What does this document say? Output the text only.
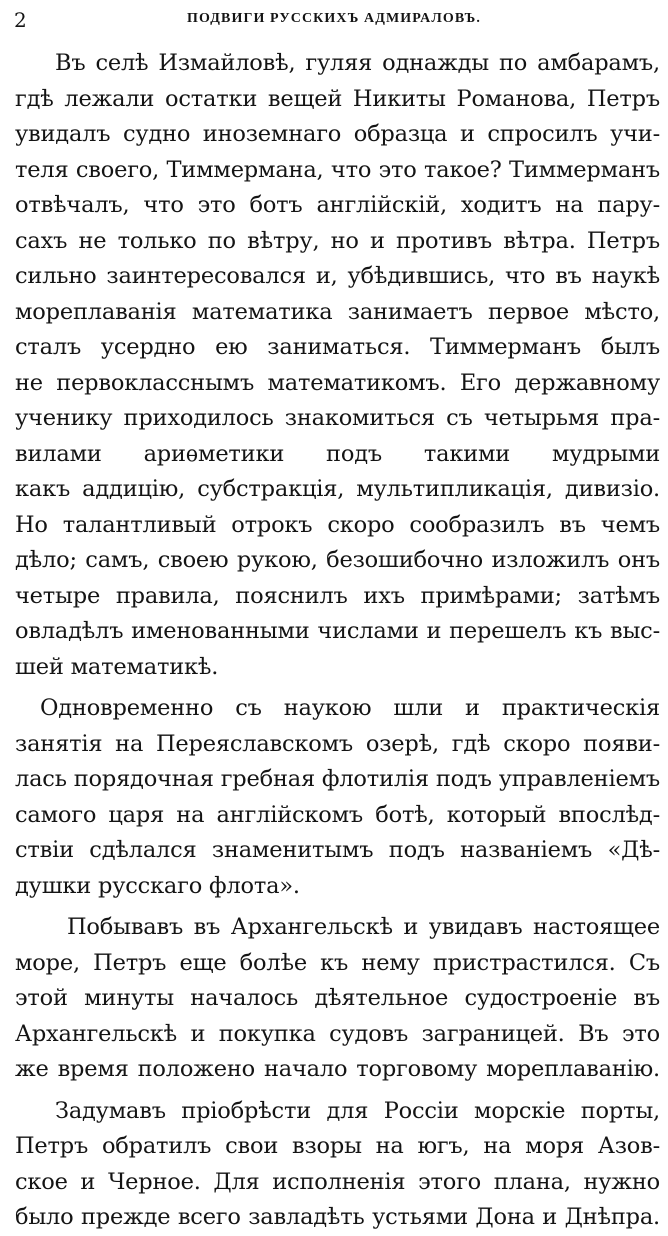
2	ПОДВИГИ РУССКИХЪ АДМИРАЛОВЪ.
Въ селѣ Измайловѣ, гуляя однажды по амбарамъ,
гдѣ лежали остатки вещей Никиты Романова, Петръ
увидалъ судно иноземнаго образца и спросилъ учи-
теля своего, Тиммермана, что это такое? Тиммерманъ
отвѣчалъ, что это ботъ англійскій, ходитъ на пару-
сахъ не только по вѣтру, но и противъ вѣтра. Петръ
сильно заинтересовался и, убѣдившись, что въ наукѣ
мореплаванія математика занимаетъ первое мѣсто,
сталъ усердно ею заниматься. Тиммерманъ былъ
не первокласснымъ математикомъ. Его державному
ученику приходилось знакомиться съ четырьмя пра-
вилами ариѳметики подъ такими мудрыми
какъ аддицію, субстракція, мультипликація, дивизіо.
Но талантливый отрокъ скоро сообразилъ въ чемъ
дѣло; самъ, своею рукою, безошибочно изложилъ онъ
четыре правила, пояснилъ ихъ примѣрами; затѣмъ
овладѣлъ именованными числами и перешелъ къ выс-
шей математикѣ.
Одновременно съ наукою шли и практическія
занятія на Переяславскомъ озерѣ, гдѣ скоро появи-
лась порядочная гребная флотилія подъ управленіемъ
самого царя на англійскомъ ботѣ, который впослѣд-
ствіи сдѣлался знаменитымъ подъ названіемъ «Дѣ-
душки русскаго флота».
Побывавъ въ Архангельскѣ и увидавъ настоящее
море, Петръ еще болѣе къ нему пристрастился. Съ
этой минуты началось дѣятельное судостроеніе въ
Архангельскѣ и покупка судовъ заграницей. Въ это
же время положено начало торговому мореплаванію.
Задумавъ пріобрѣсти для Россіи морскіе порты,
Петръ обратилъ свои взоры на югъ, на моря Азов-
ское и Черное. Для исполненія этого плана, нужно
было прежде всего завладѣть устьями Дона и Днѣпра.
